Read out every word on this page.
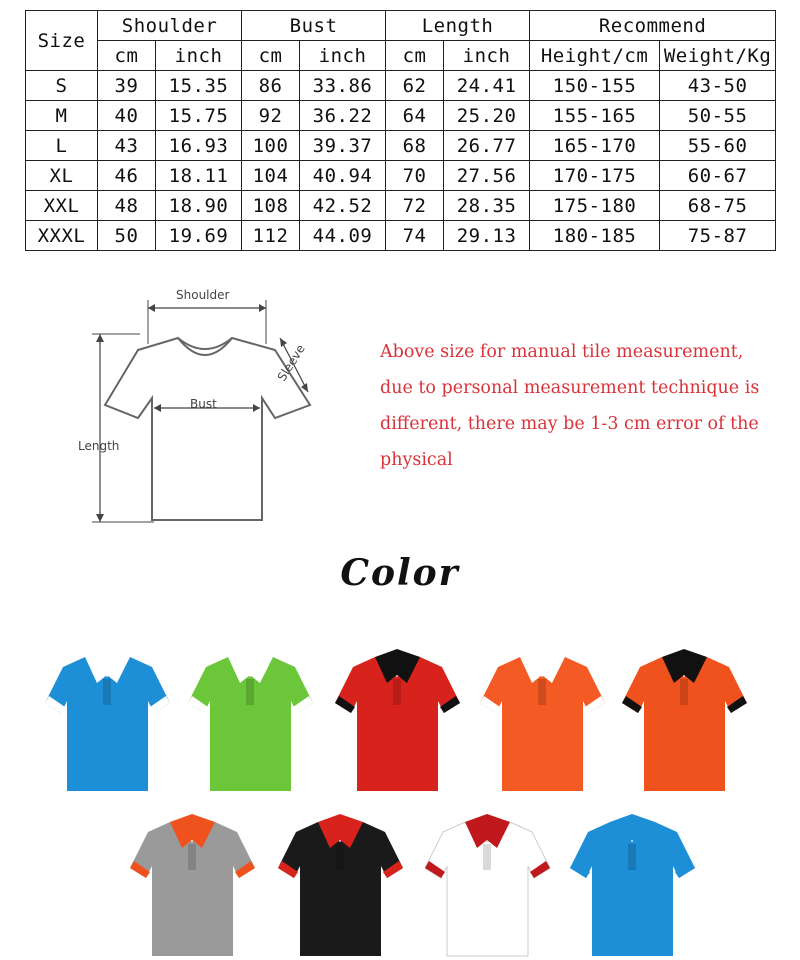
Size	Shoulder		Bust		Length		Recommend	
	cm	inch	cm	inch	cm	inch	Height/cm	Weight/Kg
S	39	15.35	86	33.86	62	24.41	150-155	43-50
M	40	15.75	92	36.22	64	25.20	155-165	50-55
L	43	16.93	100	39.37	68	26.77	165-170	55-60
XL	46	18.11	104	40.94	70	27.56	170-175	60-67
XXL	48	18.90	108	42.52	72	28.35	175-180	68-75
XXXL	50	19.69	112	44.09	74	29.13	180-185	75-87
Shoulder
Sleeve
Bust
Length
Above size for manual tile measurement,
due to personal measurement technique is
different, there may be 1-3 cm error of the
physical
Color
